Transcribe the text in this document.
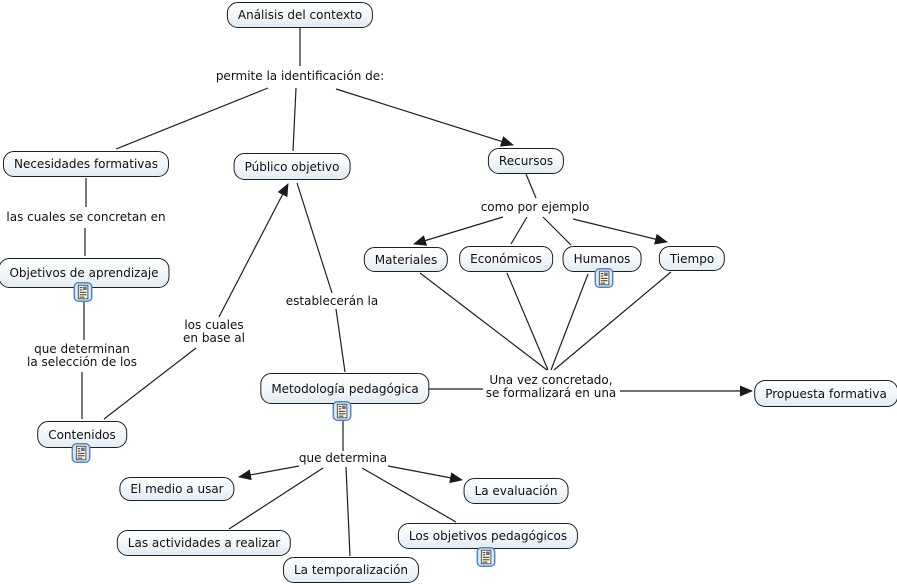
permite la identificación de:
las cuales se concretan en
como por ejemplo
que determinan
la selección de los
los cuales
en base al
establecerán la
Una vez concretado,
se formalizará en una
que determina
Análisis del contexto
Necesidades formativas	Público objetivo	Recursos
Objetivos de aprendizaje
Materiales	Económicos	Humanos	Tiempo
Metodología pedagógica	Propuesta formativa
Contenidos
El medio a usar	La evaluación
Las actividades a realizar
La temporalización
Los objetivos pedagógicos
